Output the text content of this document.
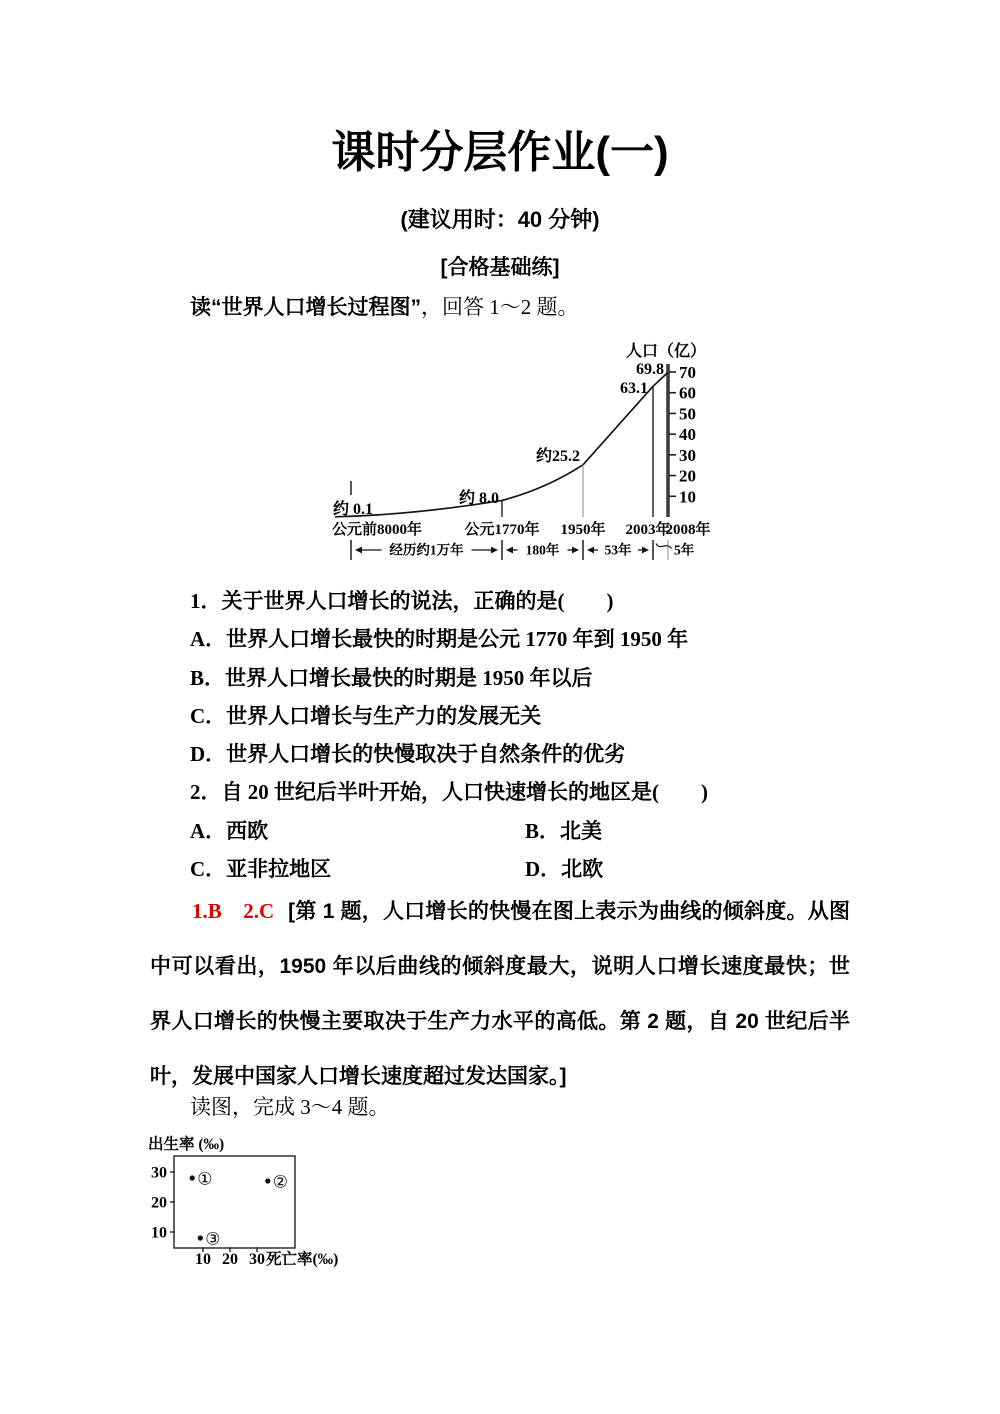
课时分层作业(一)
(建议用时：40 分钟)
[合格基础练]

读“世界人口增长过程图”，回答 1～2 题。

人口（亿）
10
20
30
40
50
60
70
约 0.1
约 8.0
约25.2
63.1
69.8
公元前8000年	公元1770年 1950年 2003年
2008年
经历约1万年	180年	53年	5年
1．关于世界人口增长的说法，正确的是(　　)
A．世界人口增长最快的时期是公元 1770 年到 1950 年
B．世界人口增长最快的时期是 1950 年以后
C．世界人口增长与生产力的发展无关
D．世界人口增长的快慢取决于自然条件的优劣
2．自 20 世纪后半叶开始，人口快速增长的地区是(　　)
A．西欧	B．北美
C．亚非拉地区	D．北欧

1.B　2.C [第 1 题，人口增长的快慢在图上表示为曲线的倾斜度。从图中可以看出，1950 年以后曲线的倾斜度最大，说明人口增长速度最快；世界人口增长的快慢主要取决于生产力水平的高低。第 2 题，自 20 世纪后半叶，发展中国家人口增长速度超过发达国家。]

读图，完成 3～4 题。

出生率 (‰)
30
20
10
10 20 30 死亡率(‰)
①	②
③
